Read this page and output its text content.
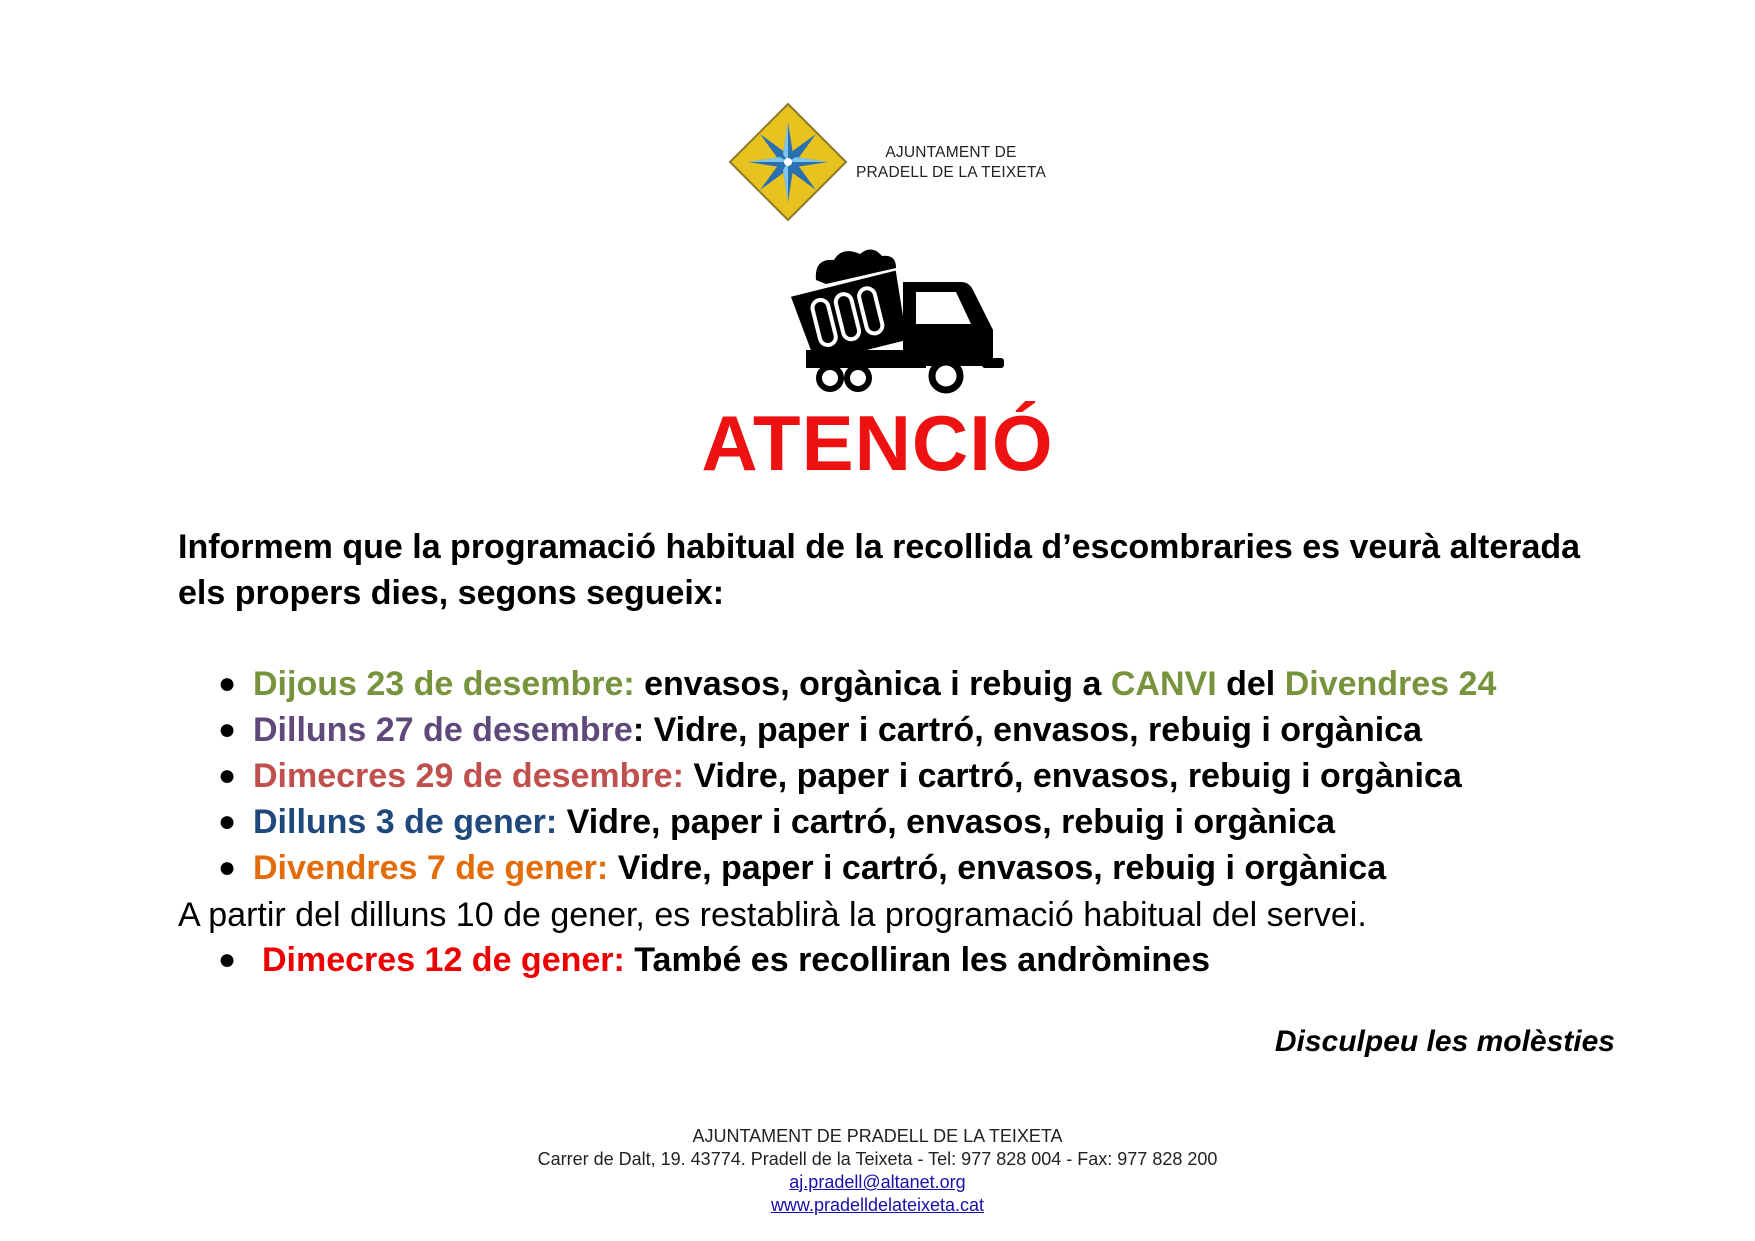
AJUNTAMENT DE
PRADELL DE LA TEIXETA
ATENCIÓ

Informem que la programació habitual de la recollida d’escombraries es veurà alterada
els propers dies, segons segueix:

● Dijous 23 de desembre: envasos, orgànica i rebuig a CANVI del Divendres 24
● Dilluns 27 de desembre: Vidre, paper i cartró, envasos, rebuig i orgànica
● Dimecres 29 de desembre: Vidre, paper i cartró, envasos, rebuig i orgànica
● Dilluns 3 de gener: Vidre, paper i cartró, envasos, rebuig i orgànica
● Divendres 7 de gener: Vidre, paper i cartró, envasos, rebuig i orgànica

A partir del dilluns 10 de gener, es restablirà la programació habitual del servei.

● Dimecres 12 de gener: També es recolliran les andròmines
Disculpeu les molèsties
AJUNTAMENT DE PRADELL DE LA TEIXETA
Carrer de Dalt, 19. 43774. Pradell de la Teixeta - Tel: 977 828 004 - Fax: 977 828 200
aj.pradell@altanet.org
www.pradelldelateixeta.cat
